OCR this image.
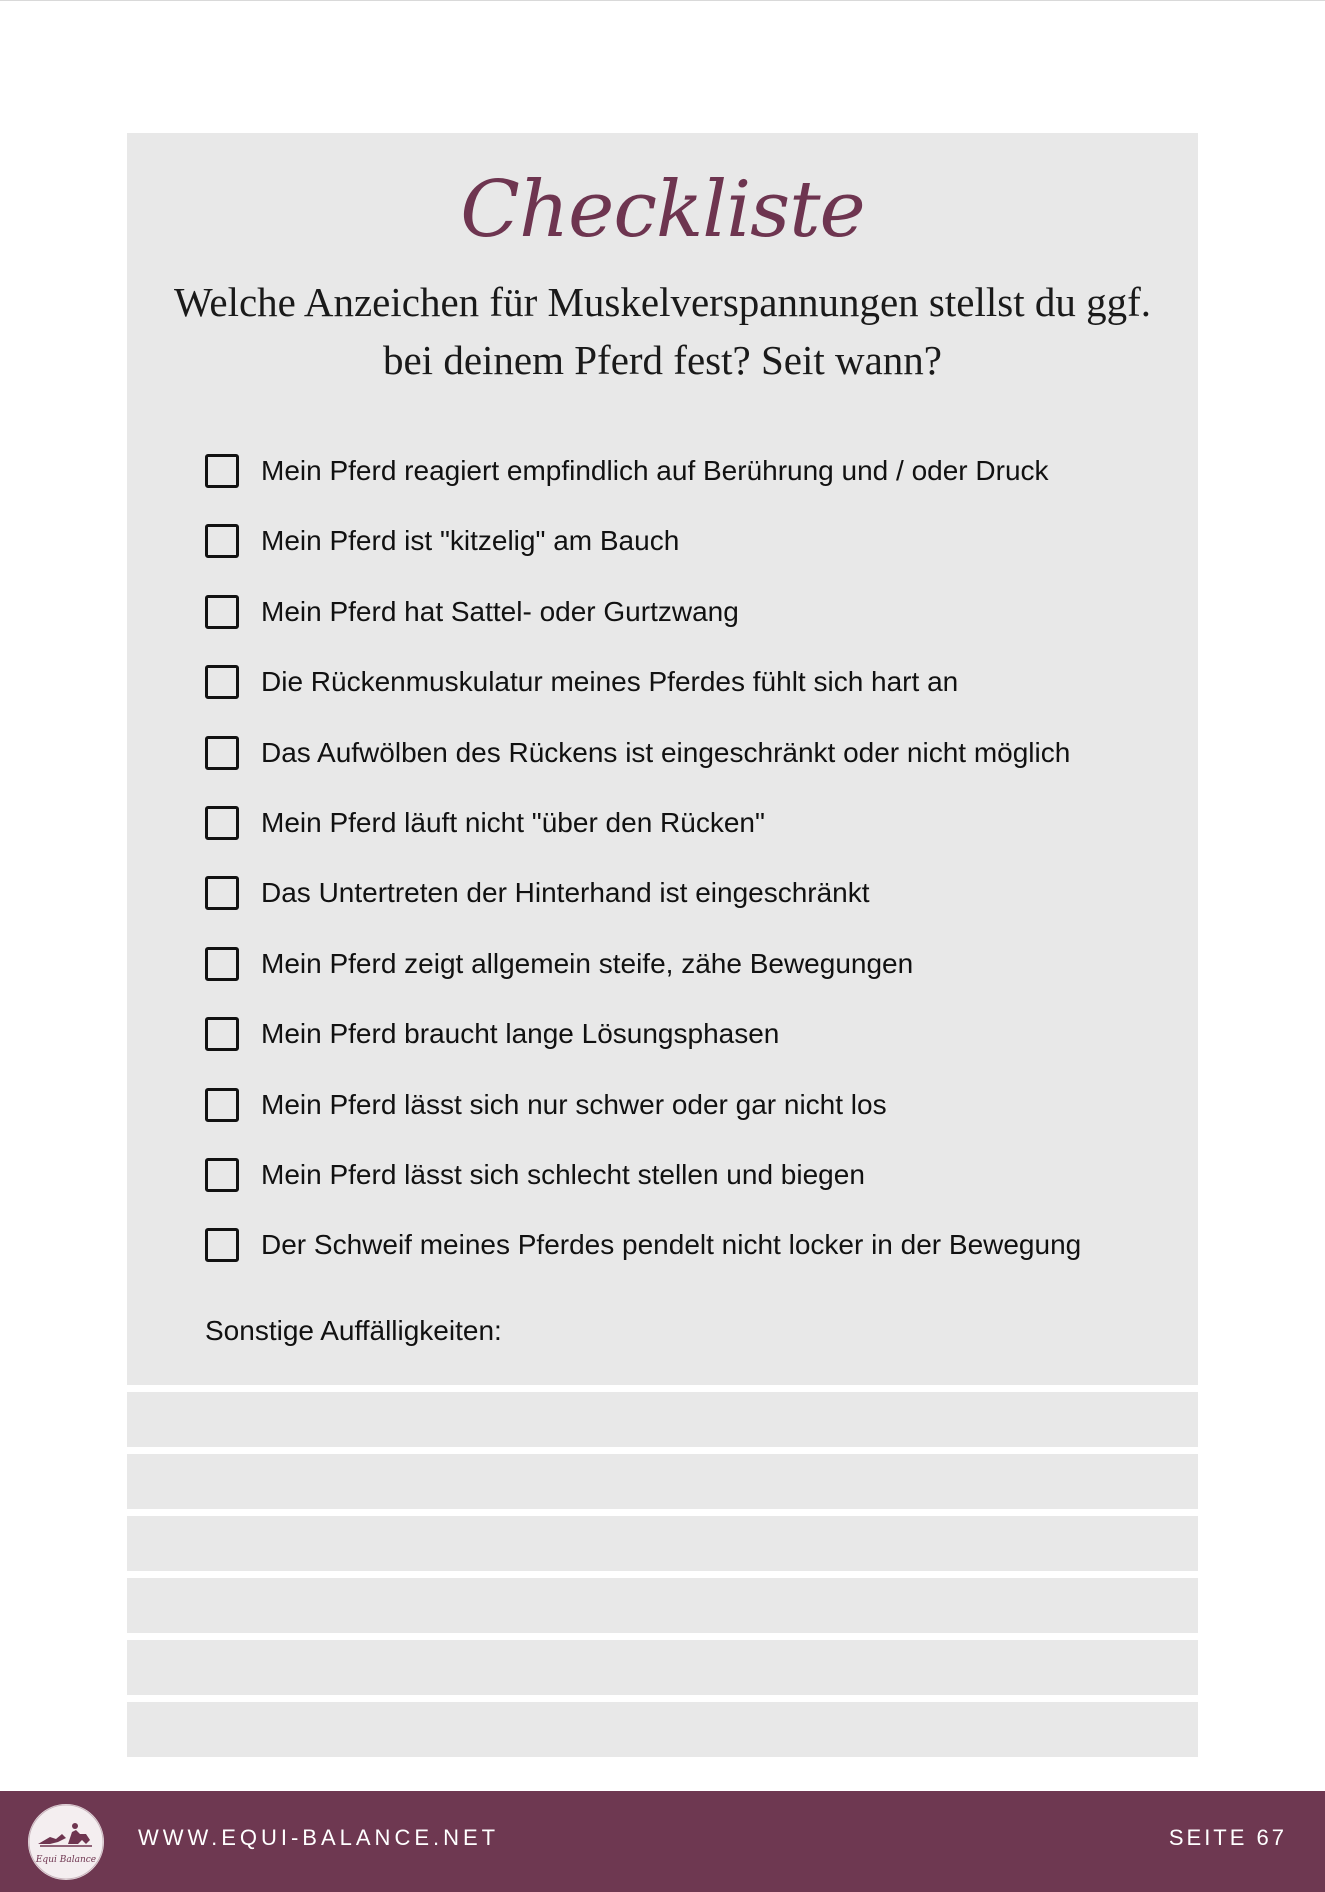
Checkliste
Welche Anzeichen für Muskelverspannungen stellst du ggf. bei deinem Pferd fest? Seit wann?
Mein Pferd reagiert empfindlich auf Berührung und / oder Druck
Mein Pferd ist "kitzelig" am Bauch
Mein Pferd hat Sattel- oder Gurtzwang
Die Rückenmuskulatur meines Pferdes fühlt sich hart an
Das Aufwölben des Rückens ist eingeschränkt oder nicht möglich
Mein Pferd läuft nicht "über den Rücken"
Das Untertreten der Hinterhand ist eingeschränkt
Mein Pferd zeigt allgemein steife, zähe Bewegungen
Mein Pferd braucht lange Lösungsphasen
Mein Pferd lässt sich nur schwer oder gar nicht los
Mein Pferd lässt sich schlecht stellen und biegen
Der Schweif meines Pferdes pendelt nicht locker in der Bewegung
Sonstige Auffälligkeiten:
Equi Balance
WWW.EQUI-BALANCE.NET	SEITE 67
